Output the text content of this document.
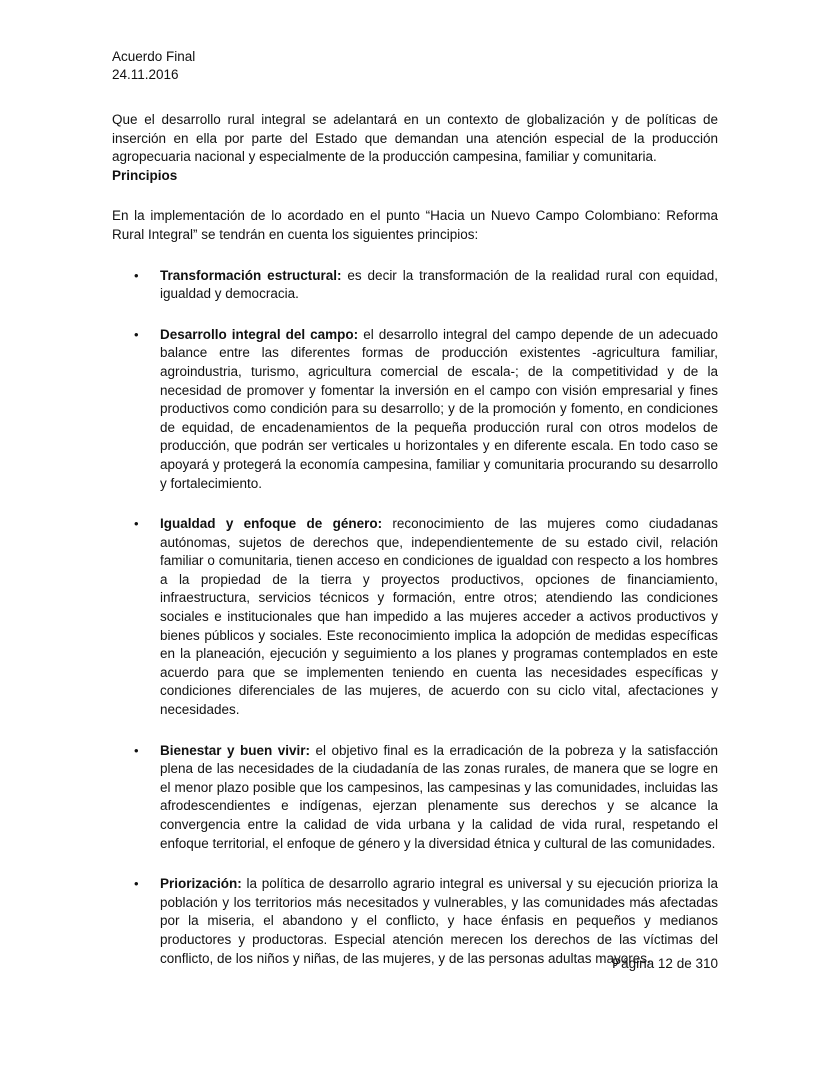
Acuerdo Final
24.11.2016

Que el desarrollo rural integral se adelantará en un contexto de globalización y de políticas de inserción en ella por parte del Estado que demandan una atención especial de la producción agropecuaria nacional y especialmente de la producción campesina, familiar y comunitaria.

Principios

En la implementación de lo acordado en el punto “Hacia un Nuevo Campo Colombiano: Reforma Rural Integral” se tendrán en cuenta los siguientes principios:

• Transformación estructural: es decir la transformación de la realidad rural con equidad, igualdad y democracia.
• Desarrollo integral del campo: el desarrollo integral del campo depende de un adecuado balance entre las diferentes formas de producción existentes -agricultura familiar, agroindustria, turismo, agricultura comercial de escala-; de la competitividad y de la necesidad de promover y fomentar la inversión en el campo con visión empresarial y fines productivos como condición para su desarrollo; y de la promoción y fomento, en condiciones de equidad, de encadenamientos de la pequeña producción rural con otros modelos de producción, que podrán ser verticales u horizontales y en diferente escala. En todo caso se apoyará y protegerá la economía campesina, familiar y comunitaria procurando su desarrollo y fortalecimiento.
• Igualdad y enfoque de género: reconocimiento de las mujeres como ciudadanas autónomas, sujetos de derechos que, independientemente de su estado civil, relación familiar o comunitaria, tienen acceso en condiciones de igualdad con respecto a los hombres a la propiedad de la tierra y proyectos productivos, opciones de financiamiento, infraestructura, servicios técnicos y formación, entre otros; atendiendo las condiciones sociales e institucionales que han impedido a las mujeres acceder a activos productivos y bienes públicos y sociales. Este reconocimiento implica la adopción de medidas específicas en la planeación, ejecución y seguimiento a los planes y programas contemplados en este acuerdo para que se implementen teniendo en cuenta las necesidades específicas y condiciones diferenciales de las mujeres, de acuerdo con su ciclo vital, afectaciones y necesidades.
• Bienestar y buen vivir: el objetivo final es la erradicación de la pobreza y la satisfacción plena de las necesidades de la ciudadanía de las zonas rurales, de manera que se logre en el menor plazo posible que los campesinos, las campesinas y las comunidades, incluidas las afrodescendientes e indígenas, ejerzan plenamente sus derechos y se alcance la convergencia entre la calidad de vida urbana y la calidad de vida rural, respetando el enfoque territorial, el enfoque de género y la diversidad étnica y cultural de las comunidades.
• Priorización: la política de desarrollo agrario integral es universal y su ejecución prioriza la población y los territorios más necesitados y vulnerables, y las comunidades más afectadas por la miseria, el abandono y el conflicto, y hace énfasis en pequeños y medianos productores y productoras. Especial atención merecen los derechos de las víctimas del conflicto, de los niños y niñas, de las mujeres, y de las personas adultas mayores.
Página 12 de 310
